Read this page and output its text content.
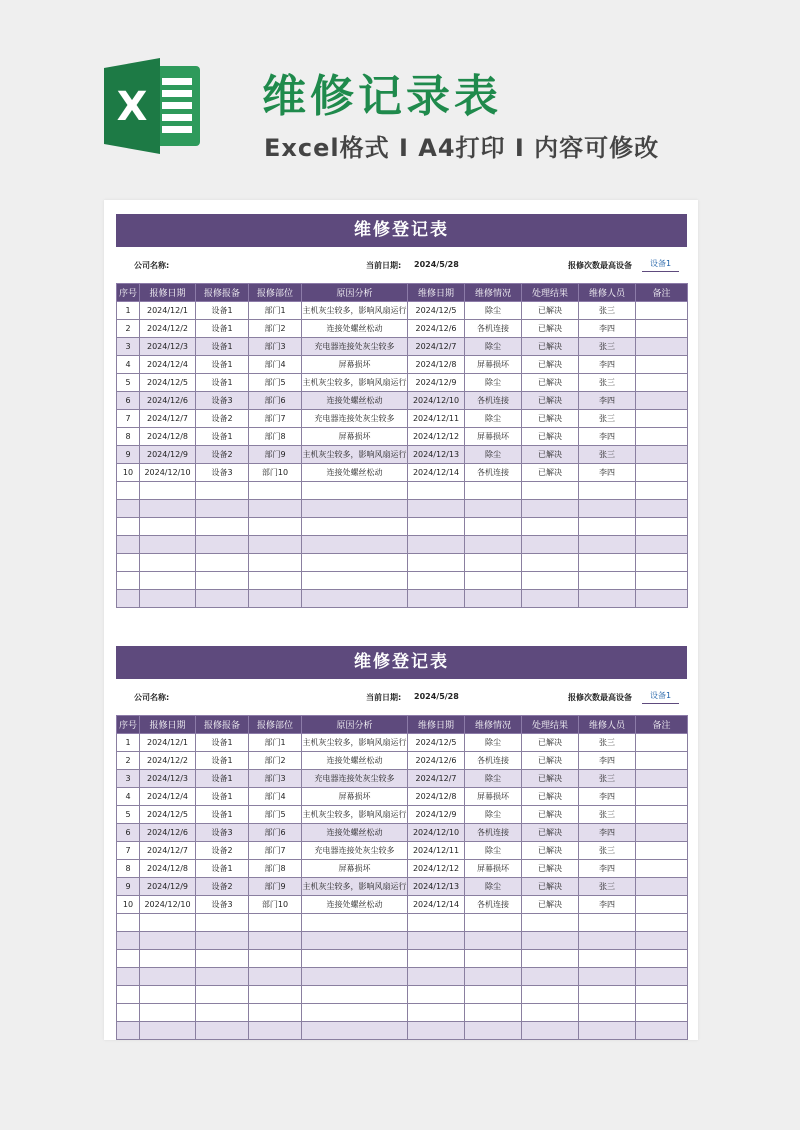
X	维修记录表
Excel格式 Ⅰ A4打印 Ⅰ 内容可修改
维修登记表
公司名称:	当前日期: 2024/5/28	报修次数最高设备	设备1
序号	报修日期	报修报备	报修部位	原因分析	维修日期	维修情况	处理结果	维修人员	备注
1	2024/12/1	设备1	部门1	主机灰尘较多，影响风扇运行	2024/12/5	除尘	已解决	张三	
2	2024/12/2	设备1	部门2	连接处螺丝松动	2024/12/6	各机连接	已解决	李四	
3	2024/12/3	设备1	部门3	充电器连接处灰尘较多	2024/12/7	除尘	已解决	张三	
4	2024/12/4	设备1	部门4	屏幕损坏	2024/12/8	屏幕损坏	已解决	李四	
5	2024/12/5	设备1	部门5	主机灰尘较多，影响风扇运行	2024/12/9	除尘	已解决	张三	
6	2024/12/6	设备3	部门6	连接处螺丝松动	2024/12/10	各机连接	已解决	李四	
7	2024/12/7	设备2	部门7	充电器连接处灰尘较多	2024/12/11	除尘	已解决	张三	
8	2024/12/8	设备1	部门8	屏幕损坏	2024/12/12	屏幕损坏	已解决	李四	
9	2024/12/9	设备2	部门9	主机灰尘较多，影响风扇运行	2024/12/13	除尘	已解决	张三	
10	2024/12/10	设备3	部门10	连接处螺丝松动	2024/12/14	各机连接	已解决	李四	

维修登记表
公司名称:	当前日期: 2024/5/28	报修次数最高设备	设备1
序号	报修日期	报修报备	报修部位	原因分析	维修日期	维修情况	处理结果	维修人员	备注
1	2024/12/1	设备1	部门1	主机灰尘较多，影响风扇运行	2024/12/5	除尘	已解决	张三	
2	2024/12/2	设备1	部门2	连接处螺丝松动	2024/12/6	各机连接	已解决	李四	
3	2024/12/3	设备1	部门3	充电器连接处灰尘较多	2024/12/7	除尘	已解决	张三	
4	2024/12/4	设备1	部门4	屏幕损坏	2024/12/8	屏幕损坏	已解决	李四	
5	2024/12/5	设备1	部门5	主机灰尘较多，影响风扇运行	2024/12/9	除尘	已解决	张三	
6	2024/12/6	设备3	部门6	连接处螺丝松动	2024/12/10	各机连接	已解决	李四	
7	2024/12/7	设备2	部门7	充电器连接处灰尘较多	2024/12/11	除尘	已解决	张三	
8	2024/12/8	设备1	部门8	屏幕损坏	2024/12/12	屏幕损坏	已解决	李四	
9	2024/12/9	设备2	部门9	主机灰尘较多，影响风扇运行	2024/12/13	除尘	已解决	张三	
10	2024/12/10	设备3	部门10	连接处螺丝松动	2024/12/14	各机连接	已解决	李四	
